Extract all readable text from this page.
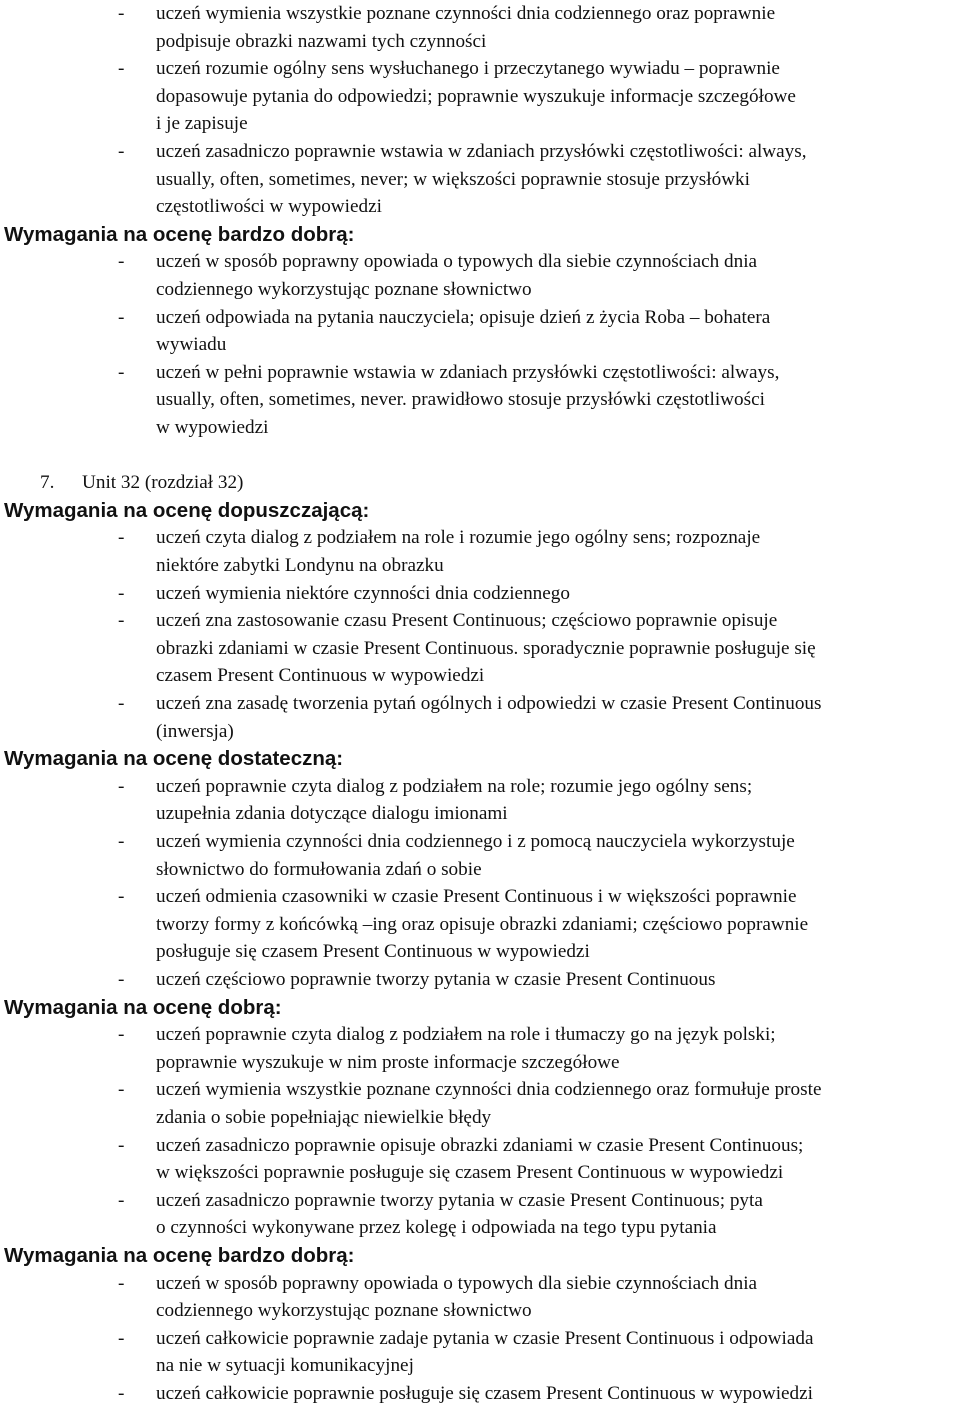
- uczeń wymienia wszystkie poznane czynności dnia codziennego oraz poprawnie
podpisuje obrazki nazwami tych czynności
- uczeń rozumie ogólny sens wysłuchanego i przeczytanego wywiadu – poprawnie
dopasowuje pytania do odpowiedzi; poprawnie wyszukuje informacje szczegółowe
i je zapisuje
- uczeń zasadniczo poprawnie wstawia w zdaniach przysłówki częstotliwości: always,
usually, often, sometimes, never; w większości poprawnie stosuje przysłówki
częstotliwości w wypowiedzi
Wymagania na ocenę bardzo dobrą:
- uczeń w sposób poprawny opowiada o typowych dla siebie czynnościach dnia
codziennego wykorzystując poznane słownictwo
- uczeń odpowiada na pytania nauczyciela; opisuje dzień z życia Roba – bohatera
wywiadu
- uczeń w pełni poprawnie wstawia w zdaniach przysłówki częstotliwości: always,
usually, often, sometimes, never. prawidłowo stosuje przysłówki częstotliwości
w wypowiedzi
7. Unit 32 (rozdział 32)
Wymagania na ocenę dopuszczającą:
- uczeń czyta dialog z podziałem na role i rozumie jego ogólny sens; rozpoznaje
niektóre zabytki Londynu na obrazku
- uczeń wymienia niektóre czynności dnia codziennego
- uczeń zna zastosowanie czasu Present Continuous; częściowo poprawnie opisuje
obrazki zdaniami w czasie Present Continuous. sporadycznie poprawnie posługuje się
czasem Present Continuous w wypowiedzi
- uczeń zna zasadę tworzenia pytań ogólnych i odpowiedzi w czasie Present Continuous
(inwersja)
Wymagania na ocenę dostateczną:
- uczeń poprawnie czyta dialog z podziałem na role; rozumie jego ogólny sens;
uzupełnia zdania dotyczące dialogu imionami
- uczeń wymienia czynności dnia codziennego i z pomocą nauczyciela wykorzystuje
słownictwo do formułowania zdań o sobie
- uczeń odmienia czasowniki w czasie Present Continuous i w większości poprawnie
tworzy formy z końcówką –ing oraz opisuje obrazki zdaniami; częściowo poprawnie
posługuje się czasem Present Continuous w wypowiedzi
- uczeń częściowo poprawnie tworzy pytania w czasie Present Continuous
Wymagania na ocenę dobrą:
- uczeń poprawnie czyta dialog z podziałem na role i tłumaczy go na język polski;
poprawnie wyszukuje w nim proste informacje szczegółowe
- uczeń wymienia wszystkie poznane czynności dnia codziennego oraz formułuje proste
zdania o sobie popełniając niewielkie błędy
- uczeń zasadniczo poprawnie opisuje obrazki zdaniami w czasie Present Continuous;
w większości poprawnie posługuje się czasem Present Continuous w wypowiedzi
- uczeń zasadniczo poprawnie tworzy pytania w czasie Present Continuous; pyta
o czynności wykonywane przez kolegę i odpowiada na tego typu pytania
Wymagania na ocenę bardzo dobrą:
- uczeń w sposób poprawny opowiada o typowych dla siebie czynnościach dnia
codziennego wykorzystując poznane słownictwo
- uczeń całkowicie poprawnie zadaje pytania w czasie Present Continuous i odpowiada
na nie w sytuacji komunikacyjnej
- uczeń całkowicie poprawnie posługuje się czasem Present Continuous w wypowiedzi
